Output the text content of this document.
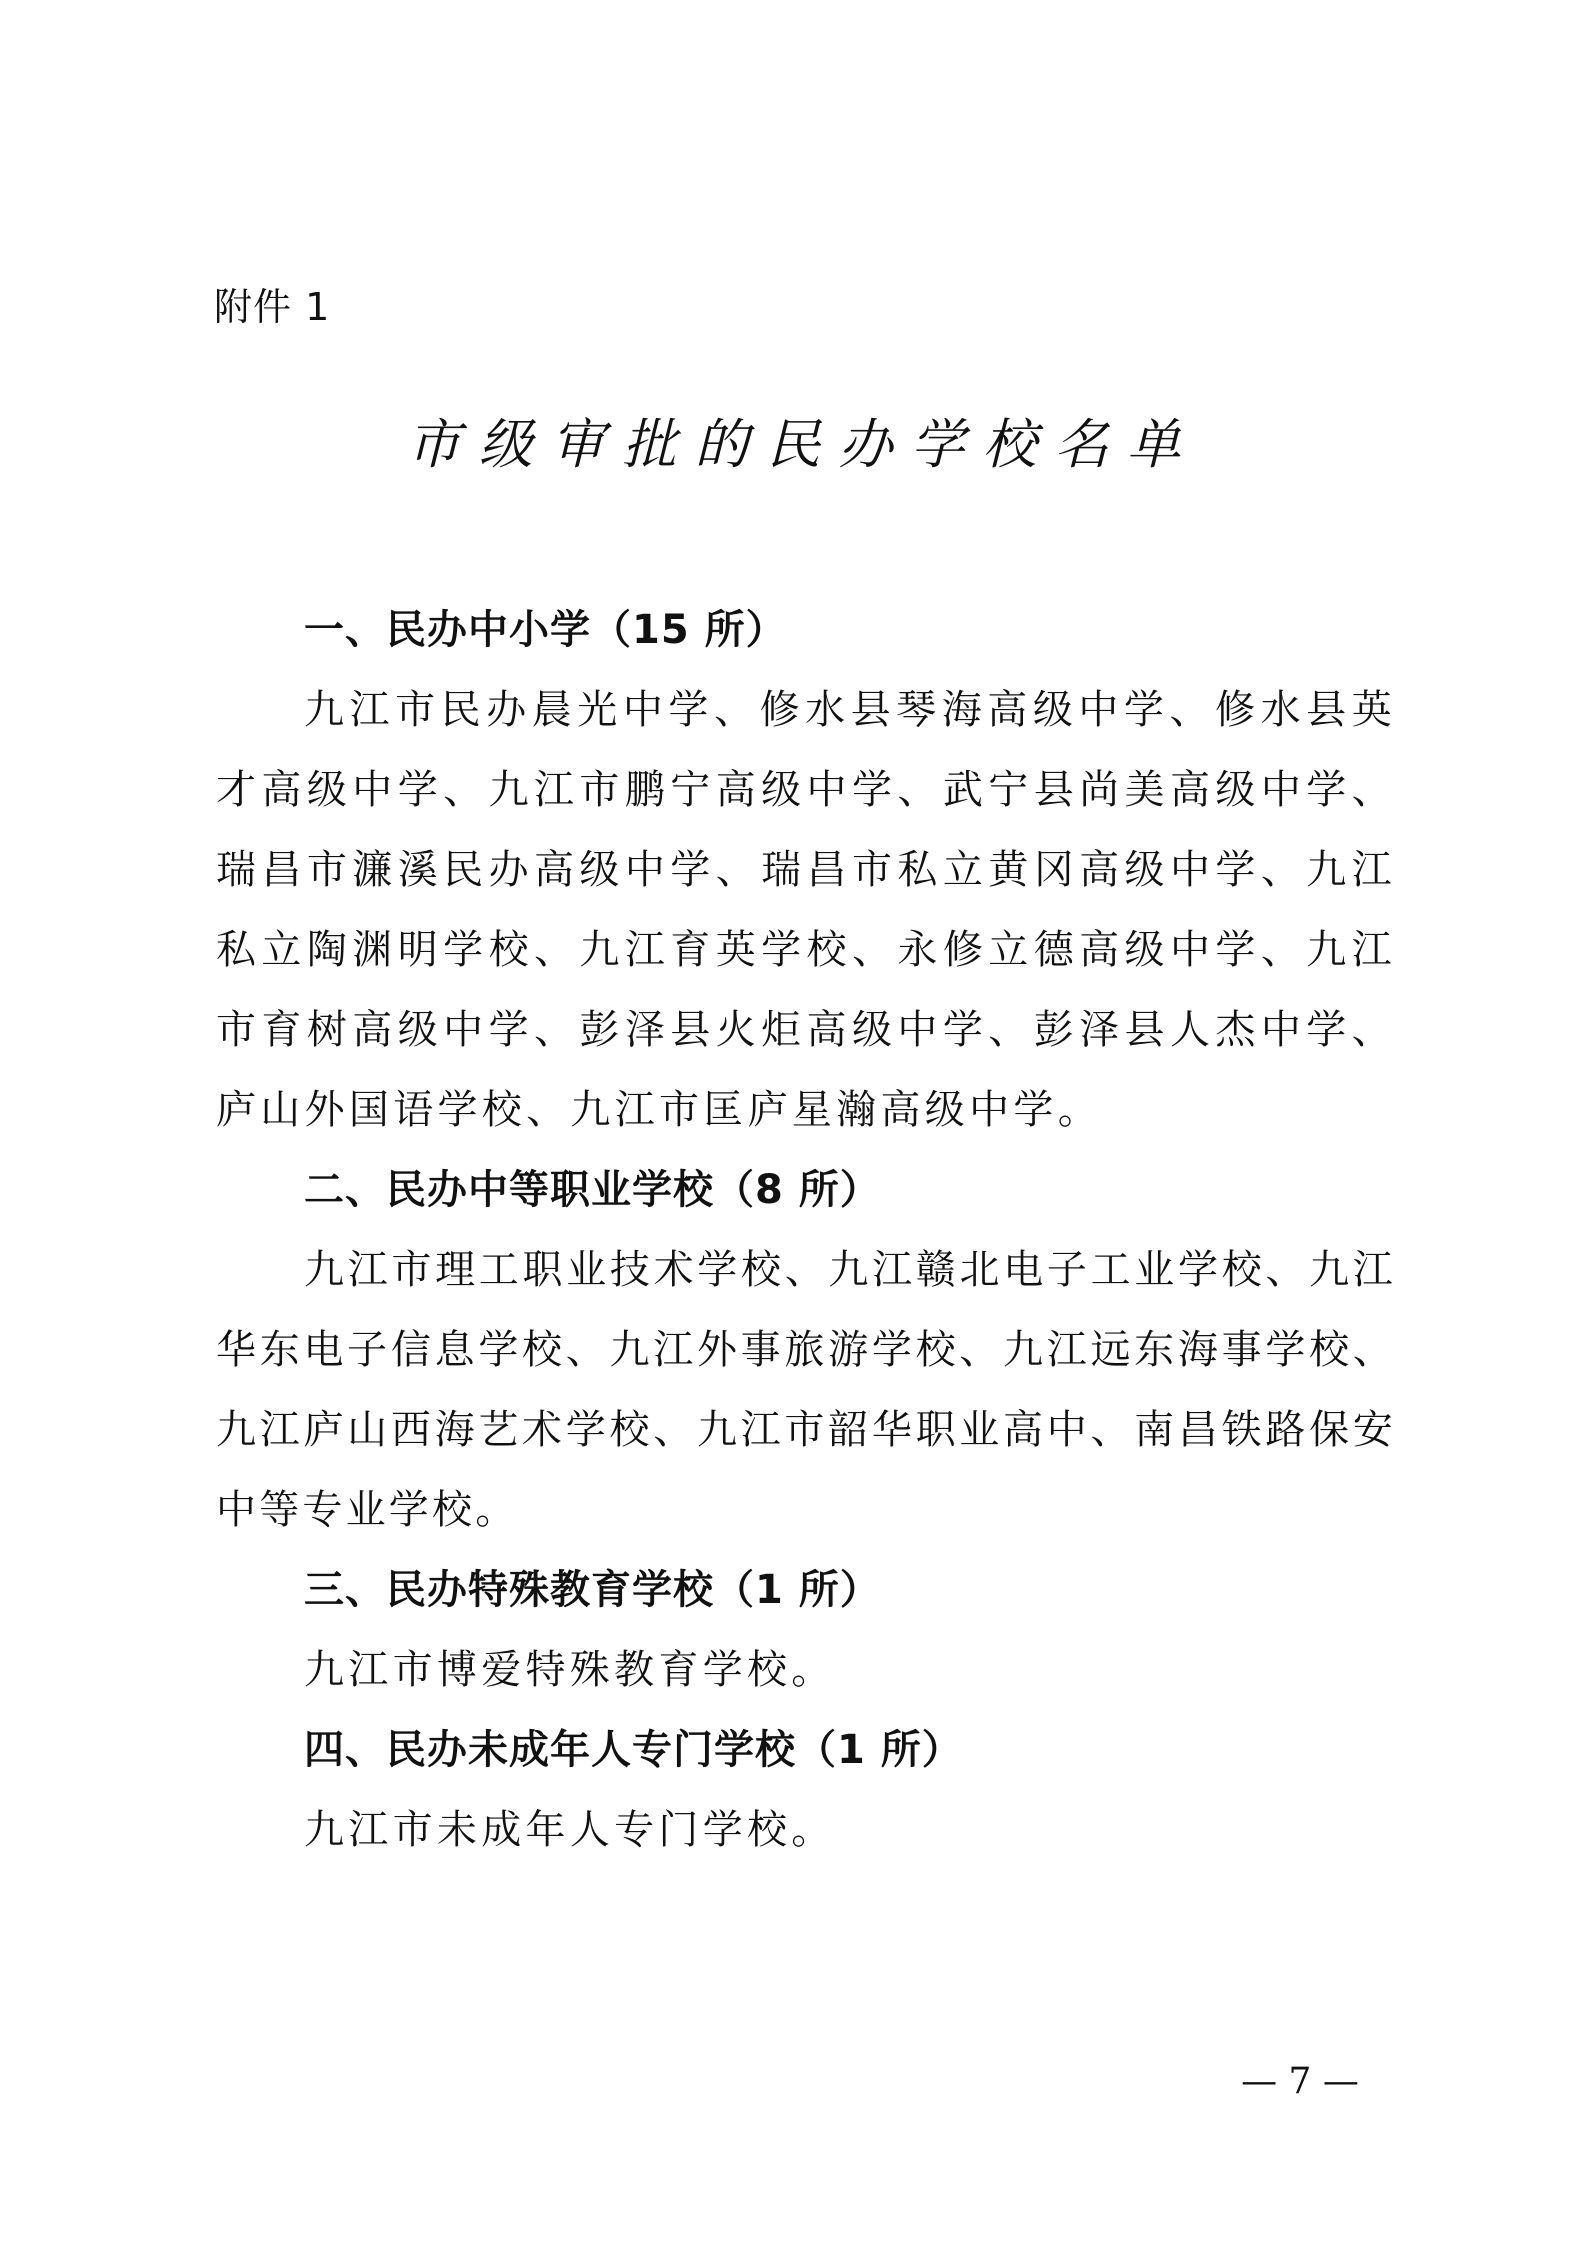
附件 1
市级审批的民办学校名单
一、民办中小学（15 所）
九江市民办晨光中学、修水县琴海高级中学、修水县英才高级中学、九江市鹏宁高级中学、武宁县尚美高级中学、瑞昌市濂溪民办高级中学、瑞昌市私立黄冈高级中学、九江私立陶渊明学校、九江育英学校、永修立德高级中学、九江市育树高级中学、彭泽县火炬高级中学、彭泽县人杰中学、庐山外国语学校、九江市匡庐星瀚高级中学。
二、民办中等职业学校（8 所）
九江市理工职业技术学校、九江赣北电子工业学校、九江华东电子信息学校、九江外事旅游学校、九江远东海事学校、九江庐山西海艺术学校、九江市韶华职业高中、南昌铁路保安中等专业学校。
三、民办特殊教育学校（1 所）
九江市博爱特殊教育学校。
四、民办未成年人专门学校（1 所）
九江市未成年人专门学校。
— 7 —
